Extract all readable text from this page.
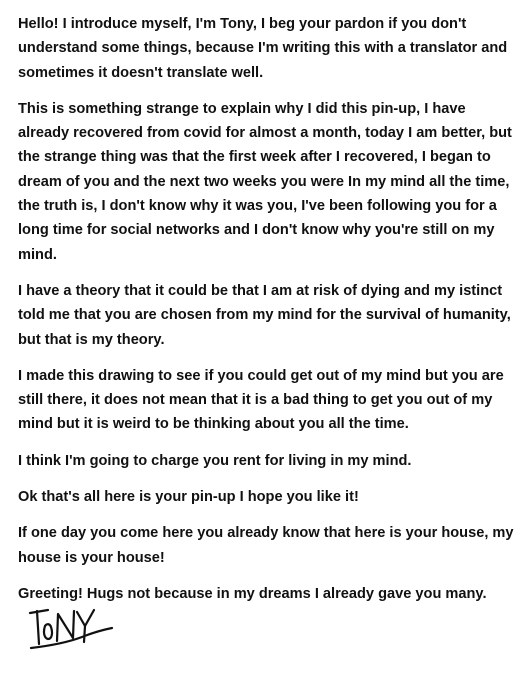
Hello! I introduce myself, I'm Tony, I beg your pardon if you don't understand some things, because I'm writing this with a translator and sometimes it doesn't translate well.

This is something strange to explain why I did this pin-up, I have already recovered from covid for almost a month, today I am better, but the strange thing was that the first week after I recovered, I began to dream of you and the next two weeks you were In my mind all the time, the truth is, I don't know why it was you, I've been following you for a long time for social networks and I don't know why you're still on my mind.

I have a theory that it could be that I am at risk of dying and my istinct told me that you are chosen from my mind for the survival of humanity, but that is my theory.

I made this drawing to see if you could get out of my mind but you are still there, it does not mean that it is a bad thing to get you out of my mind but it is weird to be thinking about you all the time.

I think I'm going to charge you rent for living in my mind.

Ok that's all here is your pin-up I hope you like it!

If one day you come here you already know that here is your house, my house is your house!

Greeting! Hugs not because in my dreams I already gave you many.
